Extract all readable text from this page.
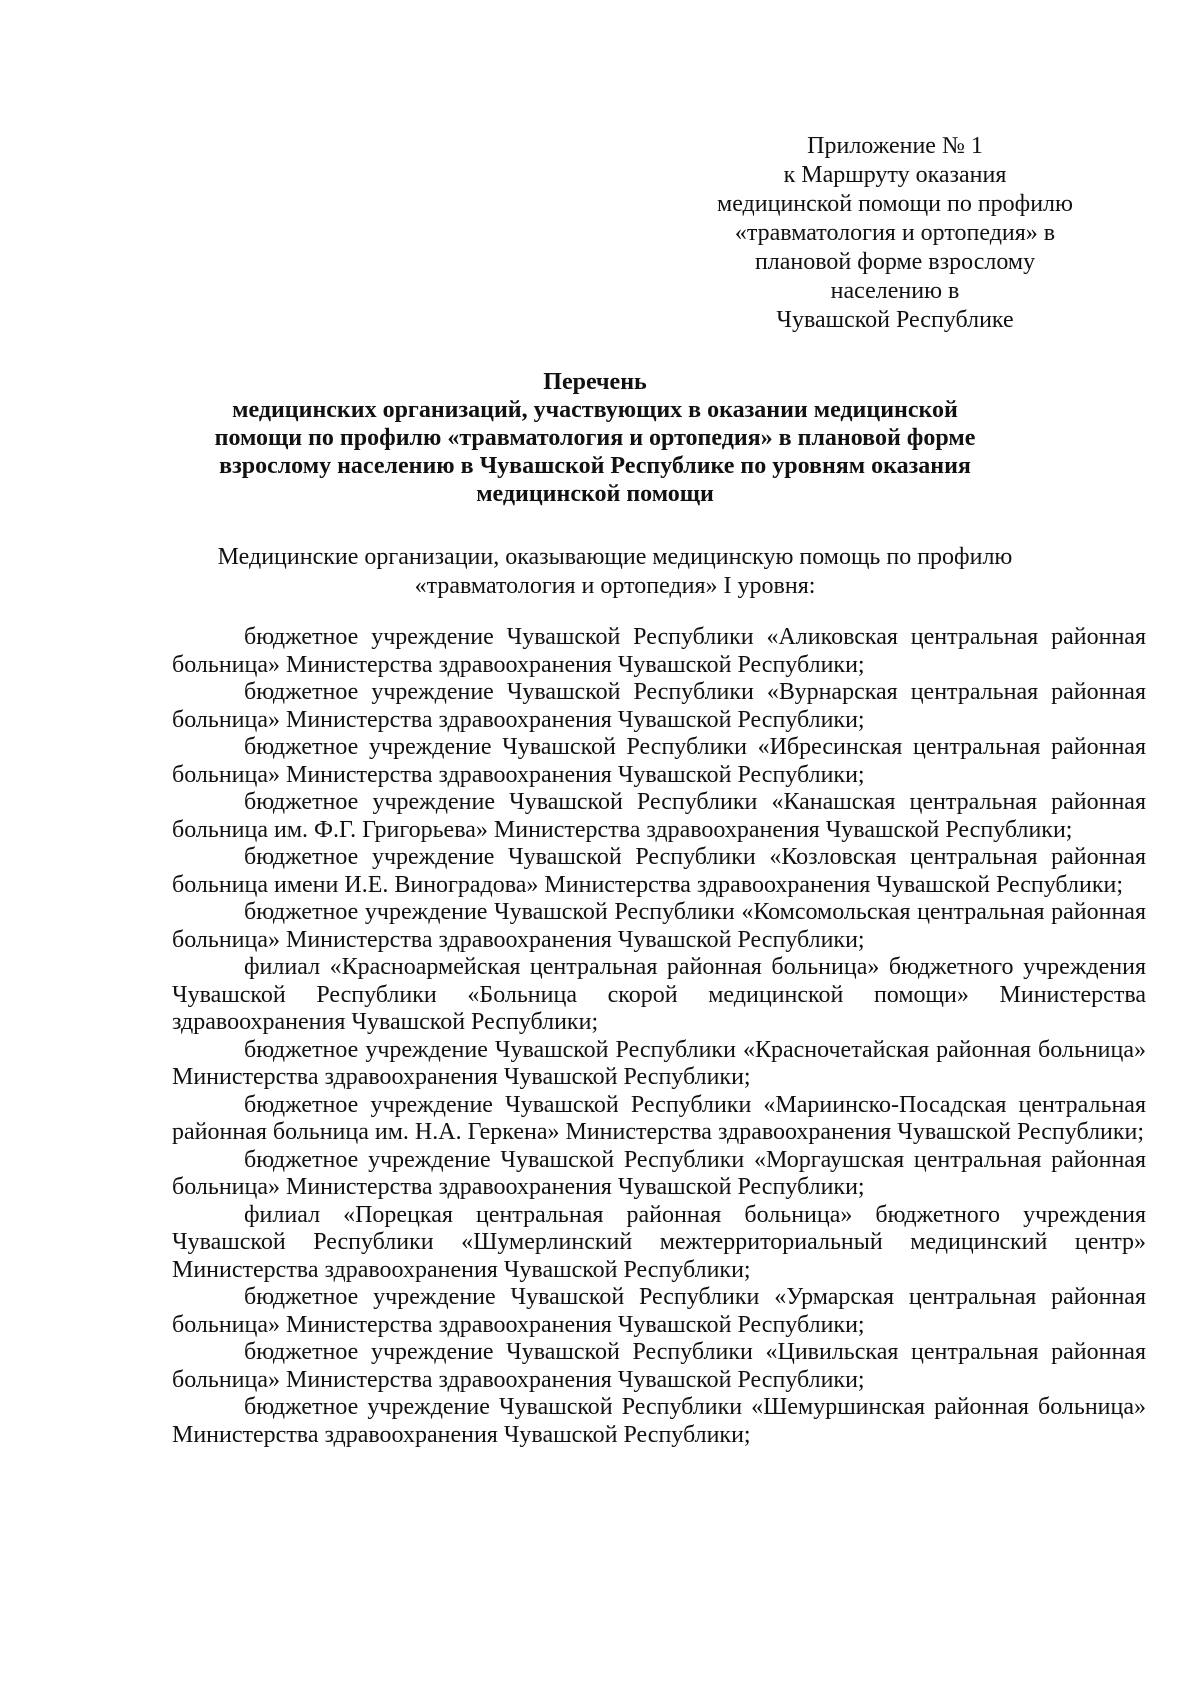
Приложение № 1
к Маршруту оказания
медицинской помощи по профилю
«травматология и ортопедия» в
плановой форме взрослому
населению в
Чувашской Республике
Перечень
медицинских организаций, участвующих в оказании медицинской помощи по профилю «травматология и ортопедия» в плановой форме взрослому населению в Чувашской Республике по уровням оказания медицинской помощи
Медицинские организации, оказывающие медицинскую помощь по профилю «травматология и ортопедия» I уровня:
бюджетное учреждение Чувашской Республики «Аликовская центральная районная больница» Министерства здравоохранения Чувашской Республики;
бюджетное учреждение Чувашской Республики «Вурнарская центральная районная больница» Министерства здравоохранения Чувашской Республики;
бюджетное учреждение Чувашской Республики «Ибресинская центральная районная больница» Министерства здравоохранения Чувашской Республики;
бюджетное учреждение Чувашской Республики «Канашская центральная районная больница им. Ф.Г. Григорьева» Министерства здравоохранения Чувашской Республики;
бюджетное учреждение Чувашской Республики «Козловская центральная районная больница имени И.Е. Виноградова» Министерства здравоохранения Чувашской Республики;
бюджетное учреждение Чувашской Республики «Комсомольская центральная районная больница» Министерства здравоохранения Чувашской Республики;
филиал «Красноармейская центральная районная больница» бюджетного учреждения Чувашской Республики «Больница скорой медицинской помощи» Министерства здравоохранения Чувашской Республики;
бюджетное учреждение Чувашской Республики «Красночетайская районная больница» Министерства здравоохранения Чувашской Республики;
бюджетное учреждение Чувашской Республики «Мариинско-Посадская центральная районная больница им. Н.А. Геркена» Министерства здравоохранения Чувашской Республики;
бюджетное учреждение Чувашской Республики «Моргаушская центральная районная больница» Министерства здравоохранения Чувашской Республики;
филиал «Порецкая центральная районная больница» бюджетного учреждения Чувашской Республики «Шумерлинский межтерриториальный медицинский центр» Министерства здравоохранения Чувашской Республики;
бюджетное учреждение Чувашской Республики «Урмарская центральная районная больница» Министерства здравоохранения Чувашской Республики;
бюджетное учреждение Чувашской Республики «Цивильская центральная районная больница» Министерства здравоохранения Чувашской Республики;
бюджетное учреждение Чувашской Республики «Шемуршинская районная больница» Министерства здравоохранения Чувашской Республики;
